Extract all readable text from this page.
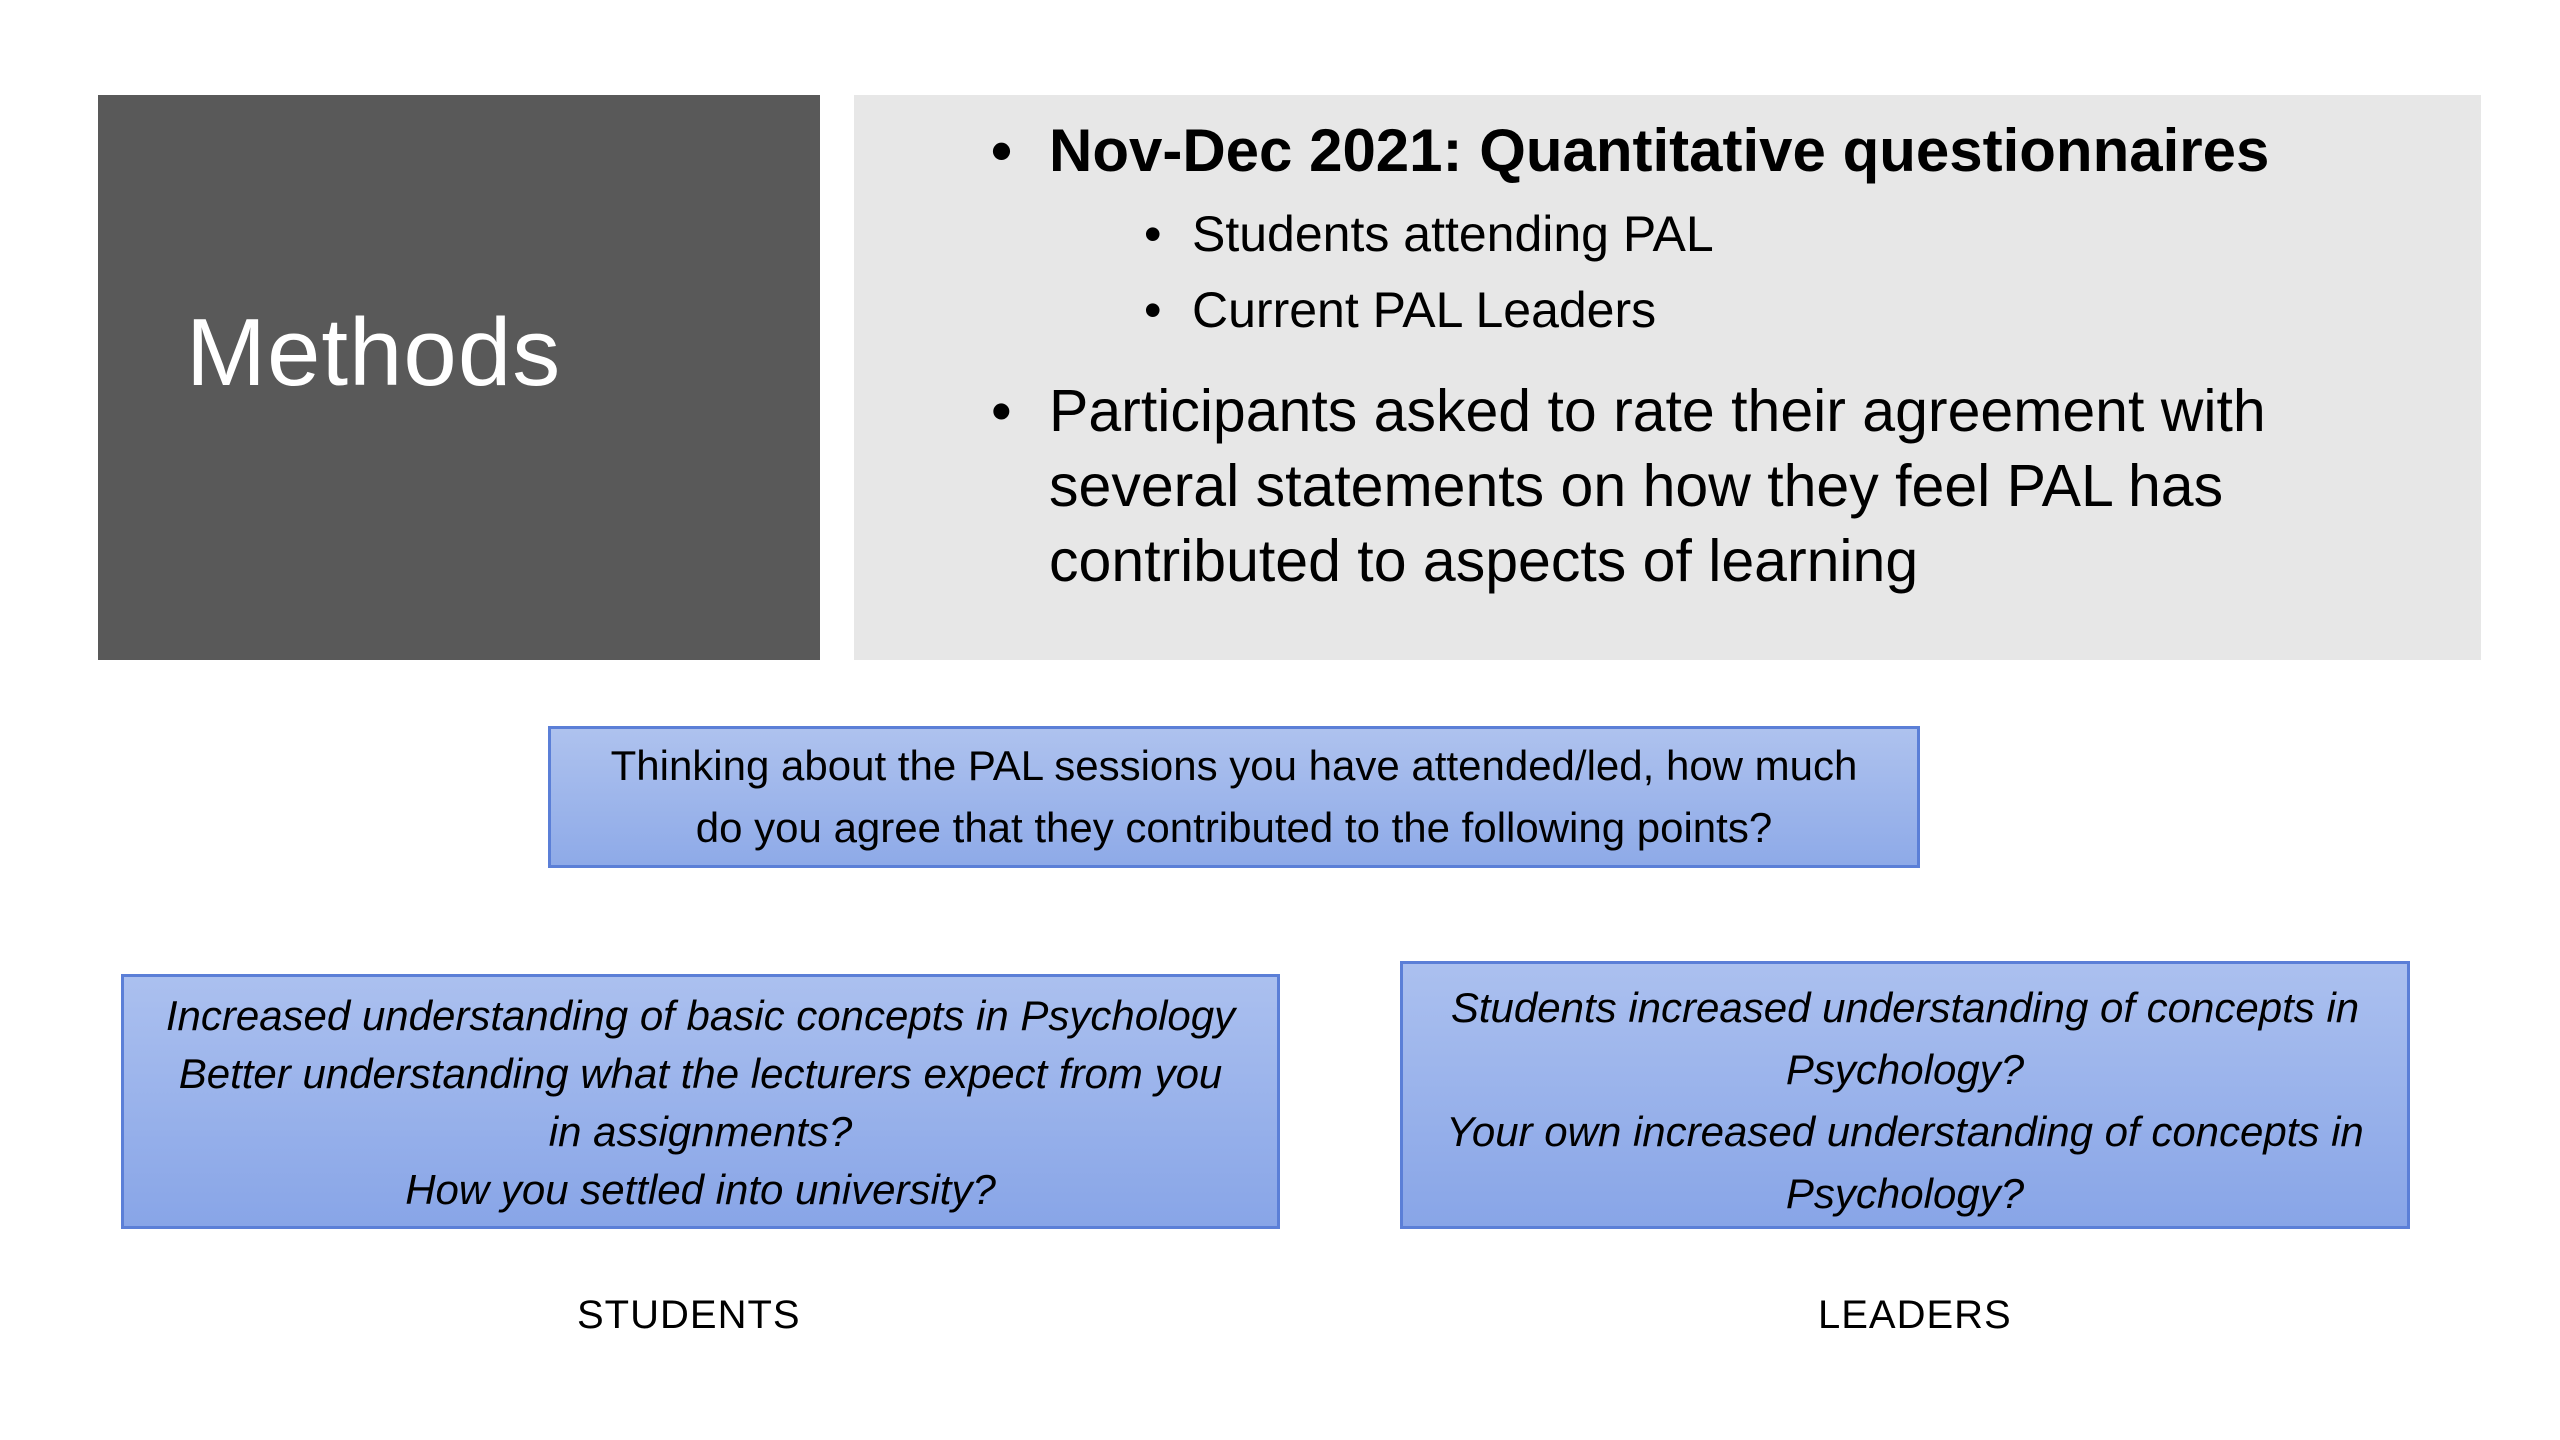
Methods
• Nov-Dec 2021: Quantitative questionnaires
• Students attending PAL
• Current PAL Leaders
• Participants asked to rate their agreement with several statements on how they feel PAL has contributed to aspects of learning
Thinking about the PAL sessions you have attended/led, how much
do you agree that they contributed to the following points?
Increased understanding of basic concepts in Psychology
Better understanding what the lecturers expect from you
in assignments?
How you settled into university?
Students increased understanding of concepts in
Psychology?
Your own increased understanding of concepts in
Psychology?
STUDENTS	LEADERS
